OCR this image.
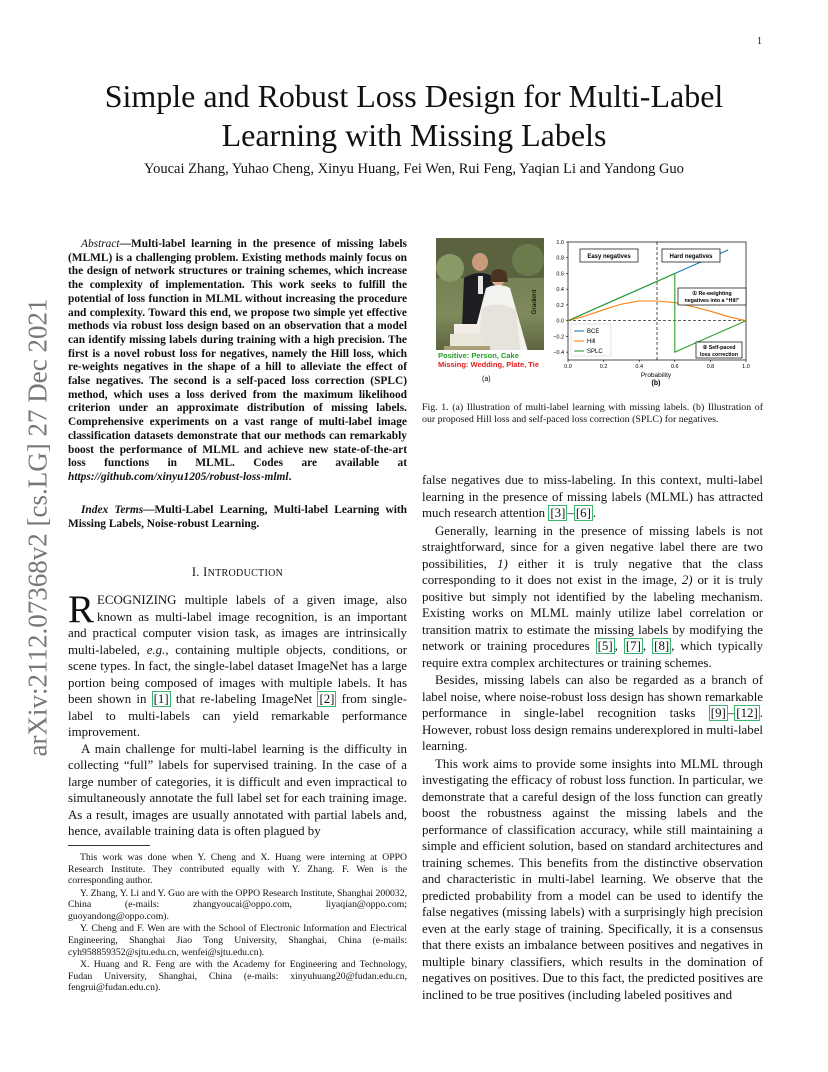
1
arXiv:2112.07368v2 [cs.LG] 27 Dec 2021
Simple and Robust Loss Design for Multi-Label
Learning with Missing Labels
Youcai Zhang, Yuhao Cheng, Xinyu Huang, Fei Wen, Rui Feng, Yaqian Li and Yandong Guo
Abstract—Multi-label learning in the presence of missing labels (MLML) is a challenging problem. Existing methods mainly focus on the design of network structures or training schemes, which increase the complexity of implementation. This work seeks to fulfill the potential of loss function in MLML without increasing the procedure and complexity. Toward this end, we propose two simple yet effective methods via robust loss design based on an observation that a model can identify missing labels during training with a high precision. The first is a novel robust loss for negatives, namely the Hill loss, which re-weights negatives in the shape of a hill to alleviate the effect of false negatives. The second is a self-paced loss correction (SPLC) method, which uses a loss derived from the maximum likelihood criterion under an approximate distribution of missing labels. Comprehensive experiments on a vast range of multi-label image classification datasets demonstrate that our methods can remarkably boost the performance of MLML and achieve new state-of-the-art loss functions in MLML. Codes are available at https://github.com/xinyu1205/robust-loss-mlml.
Index Terms—Multi-Label Learning, Multi-label Learning with Missing Labels, Noise-robust Learning.
I. INTRODUCTION

RECOGNIZING multiple labels of a given image, also known as multi-label image recognition, is an important and practical computer vision task, as images are intrinsically multi-labeled, e.g., containing multiple objects, conditions, or scene types. In fact, the single-label dataset ImageNet has a large portion being composed of images with multiple labels. It has been shown in [1] that re-labeling ImageNet [2] from single-label to multi-labels can yield remarkable performance improvement.

A main challenge for multi-label learning is the difficulty in collecting “full” labels for supervised training. In the case of a large number of categories, it is difficult and even impractical to simultaneously annotate the full label set for each training image. As a result, images are usually annotated with partial labels and, hence, available training data is often plagued by

This work was done when Y. Cheng and X. Huang were interning at OPPO Research Institute. They contributed equally with Y. Zhang. F. Wen is the corresponding author.

Y. Zhang, Y. Li and Y. Guo are with the OPPO Research Institute, Shanghai 200032, China (e-mails: zhangyoucai@oppo.com, liyaqian@oppo.com; guoyandong@oppo.com).

Y. Cheng and F. Wen are with the School of Electronic Information and Electrical Engineering, Shanghai Jiao Tong University, Shanghai, China (e-mails: cyh958859352@sjtu.edu.cn, wenfei@sjtu.edu.cn).

X. Huang and R. Feng are with the Academy for Engineering and Technology, Fudan University, Shanghai, China (e-mails: xinyuhuang20@fudan.edu.cn, fengrui@fudan.edu.cn).

Positive: Person, Cake
Missing: Wedding, Plate, Tie
(a)
0.0	0.2	0.4	0.6	0.8	1.0
−0.4
−0.2
0.0
0.2
0.4
0.6
0.8
1.0
BCE
Hill
SPLC
Gradient
Probability
(b)
Easy negatives	Hard negatives
① Re-weighting
negatives into a “Hill”
② Self-paced
loss correction
Fig. 1. (a) Illustration of multi-label learning with missing labels. (b) Illustration of our proposed Hill loss and self-paced loss correction (SPLC) for negatives.

false negatives due to miss-labeling. In this context, multi-label learning in the presence of missing labels (MLML) has attracted much research attention [3] – [6] .

Generally, learning in the presence of missing labels is not straightforward, since for a given negative label there are two possibilities, 1) either it is truly negative that the class corresponding to it does not exist in the image, 2) or it is truly positive but simply not identified by the labeling mechanism. Existing works on MLML mainly utilize label correlation or transition matrix to estimate the missing labels by modifying the network or training procedures [5] , [7] , [8] , which typically require extra complex architectures or training schemes.

Besides, missing labels can also be regarded as a branch of label noise, where noise-robust loss design has shown remarkable performance in single-label recognition tasks [9] – [12] . However, robust loss design remains underexplored in multi-label learning.

This work aims to provide some insights into MLML through investigating the efficacy of robust loss function. In particular, we demonstrate that a careful design of the loss function can greatly boost the robustness against the missing labels and the performance of classification accuracy, while still maintaining a simple and efficient solution, based on standard architectures and training schemes. This benefits from the distinctive observation and characteristic in multi-label learning. We observe that the predicted probability from a model can be used to identify the false negatives (missing labels) with a surprisingly high precision even at the early stage of training. Specifically, it is a consensus that there exists an imbalance between positives and negatives in multiple binary classifiers, which results in the domination of negatives on positives. Due to this fact, the predicted positives are inclined to be true positives (including labeled positives and
